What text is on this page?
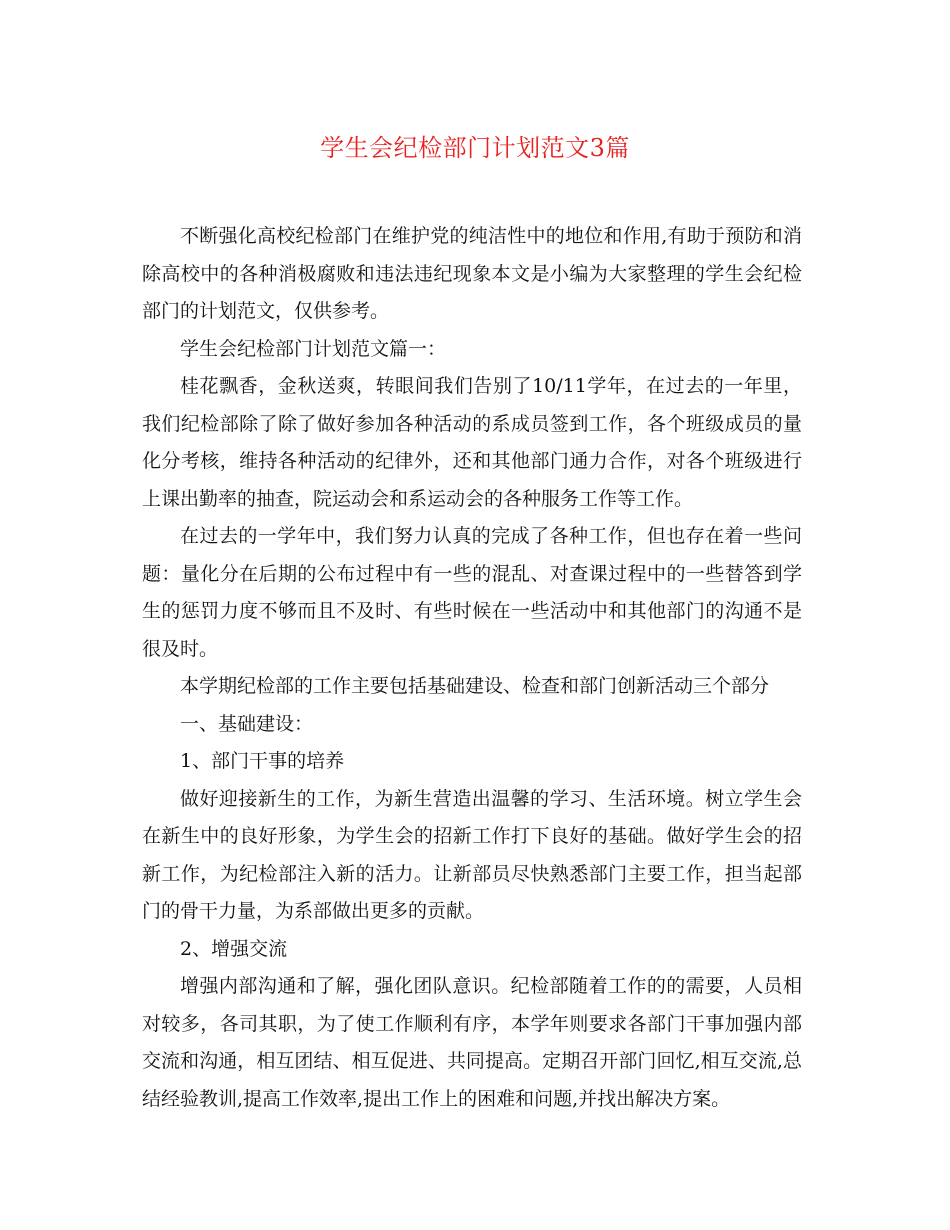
学生会纪检部门计划范文3篇

不断强化高校纪检部门在维护党的纯洁性中的地位和作用,有助于预防和消除高校中的各种消极腐败和违法违纪现象本文是小编为大家整理的学生会纪检部门的计划范文，仅供参考。

学生会纪检部门计划范文篇一：

桂花飘香，金秋送爽，转眼间我们告别了10/11学年，在过去的一年里，我们纪检部除了除了做好参加各种活动的系成员签到工作，各个班级成员的量化分考核，维持各种活动的纪律外，还和其他部门通力合作，对各个班级进行上课出勤率的抽查，院运动会和系运动会的各种服务工作等工作。

在过去的一学年中，我们努力认真的完成了各种工作，但也存在着一些问题：量化分在后期的公布过程中有一些的混乱、对查课过程中的一些替答到学生的惩罚力度不够而且不及时、有些时候在一些活动中和其他部门的沟通不是很及时。

本学期纪检部的工作主要包括基础建设、检查和部门创新活动三个部分

一、基础建设：

1、部门干事的培养

做好迎接新生的工作，为新生营造出温馨的学习、生活环境。树立学生会在新生中的良好形象，为学生会的招新工作打下良好的基础。做好学生会的招新工作，为纪检部注入新的活力。让新部员尽快熟悉部门主要工作，担当起部门的骨干力量，为系部做出更多的贡献。

2、增强交流

增强内部沟通和了解，强化团队意识。纪检部随着工作的的需要，人员相对较多，各司其职，为了使工作顺利有序，本学年则要求各部门干事加强内部交流和沟通，相互团结、相互促进、共同提高。定期召开部门回忆,相互交流,总结经验教训,提高工作效率,提出工作上的困难和问题,并找出解决方案。
